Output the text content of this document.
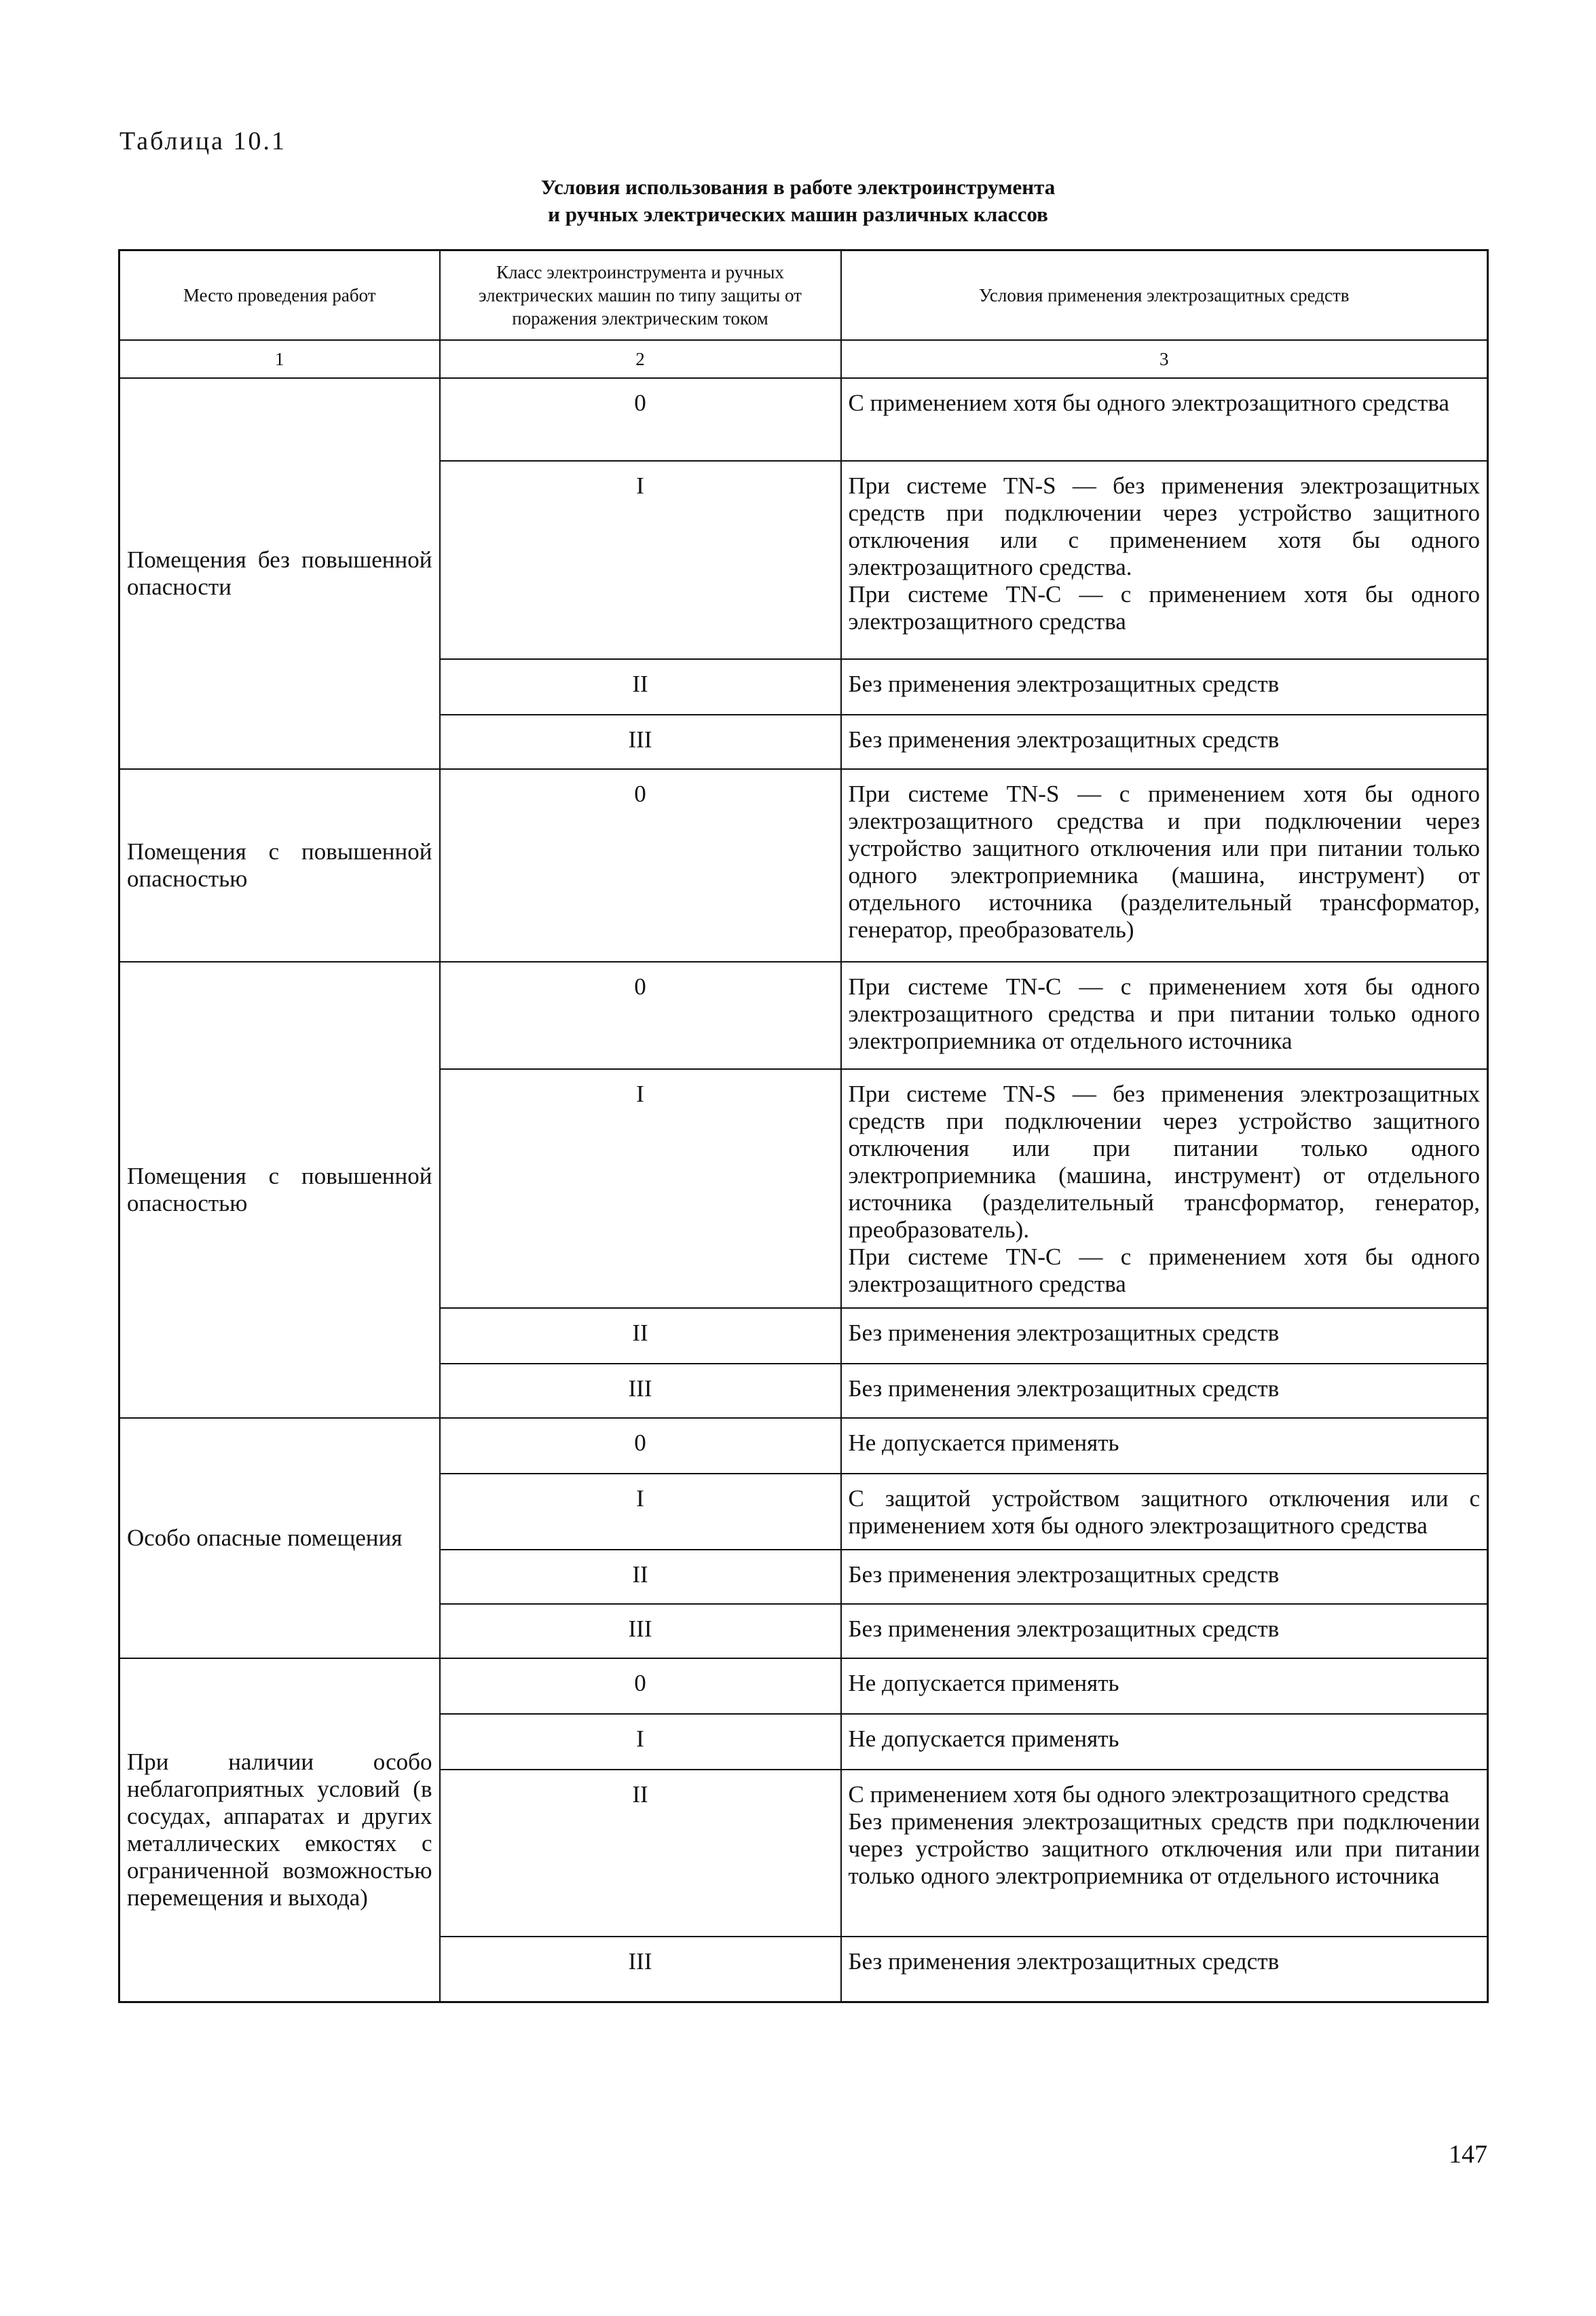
Таблица 10.1
Условия использования в работе электроинструмента
и ручных электрических машин различных классов
Место проведения работ	Класс электроинструмента и ручных электрических машин по типу защиты от поражения электрическим током	Условия применения электрозащитных средств
1	2	3
Помещения без повышенной опасности	0	С применением хотя бы одного электрозащитного средства

	I	При системе TN-S — без применения электрозащитных средств при подключении через устройство защитного отключения или с применением хотя бы одного электрозащитного средства.
При системе TN-C — с применением хотя бы одного электрозащитного средства

	II	Без применения электрозащитных средств

	III	Без применения электрозащитных средств

Помещения с повышенной опасностью	0	При системе TN-S — с применением хотя бы одного электрозащитного средства и при подключении через устройство защитного отключения или при питании только одного электроприемника (машина, инструмент) от отдельного источника (разделительный трансформатор, генератор, преобразователь)

Помещения с повышенной опасностью	0	При системе TN-C — с применением хотя бы одного электрозащитного средства и при питании только одного электроприемника от отдельного источника

	I	При системе TN-S — без применения электрозащитных средств при подключении через устройство защитного отключения или при питании только одного электроприемника (машина, инструмент) от отдельного источника (разделительный трансформатор, генератор, преобразователь).
При системе TN-C — с применением хотя бы одного электрозащитного средства

	II	Без применения электрозащитных средств

	III	Без применения электрозащитных средств

Особо опасные помещения	0	Не допускается применять

	I	С защитой устройством защитного отключения или с применением хотя бы одного электрозащитного средства

	II	Без применения электрозащитных средств

	III	Без применения электрозащитных средств

При наличии особо неблагоприятных условий (в сосудах, аппаратах и других металлических емкостях с ограниченной возможностью перемещения и выхода)	0	Не допускается применять

	I	Не допускается применять

	II	С применением хотя бы одного электрозащитного средства
Без применения электрозащитных средств при подключении через устройство защитного отключения или при питании только одного электроприемника от отдельного источника

	III	Без применения электрозащитных средств
147
